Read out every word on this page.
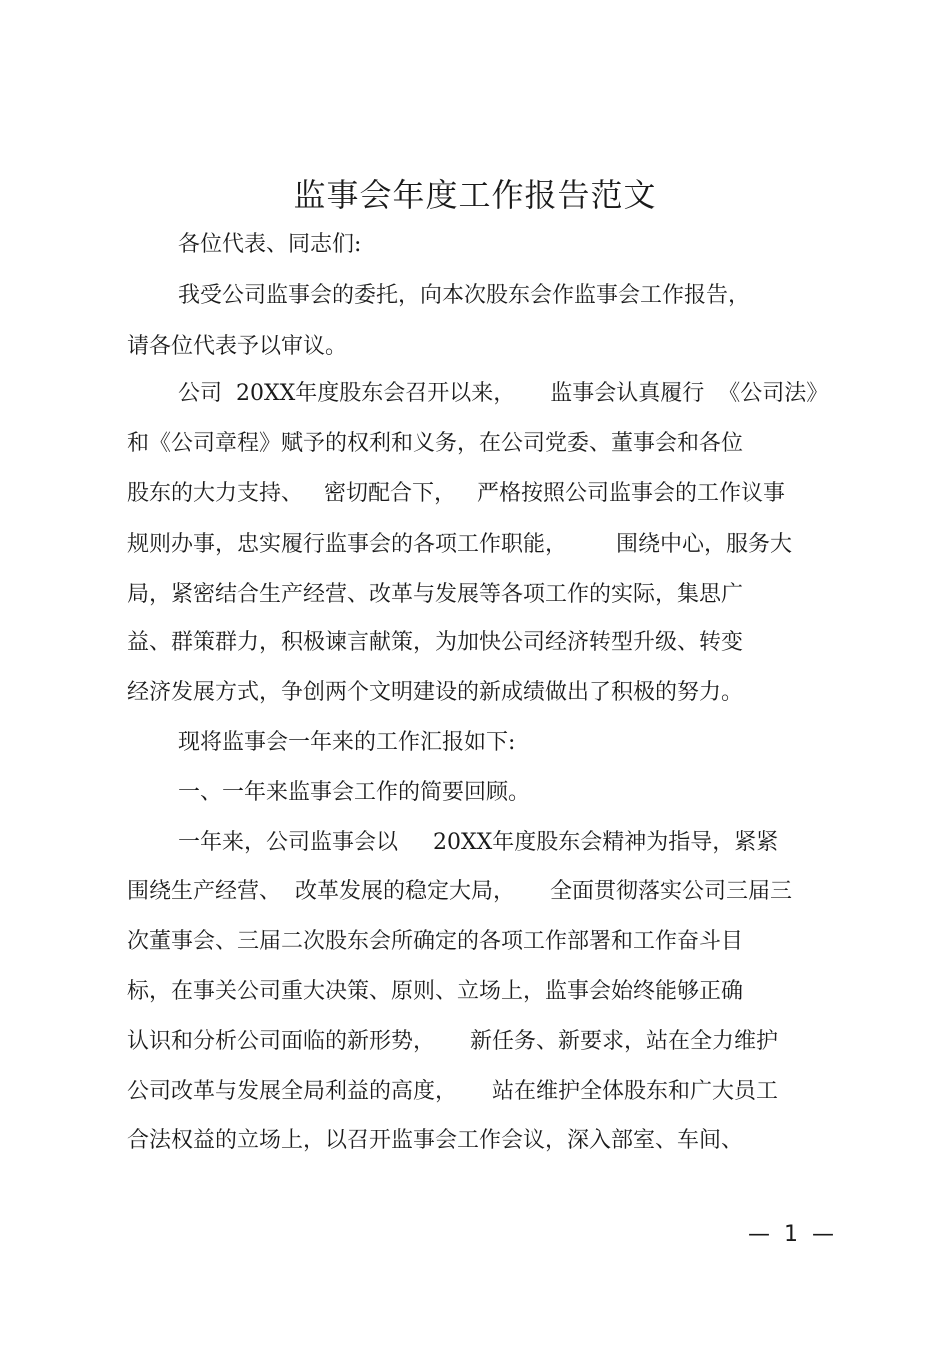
监事会年度工作报告范文
各位代表、同志们:
我受公司监事会的委托，向本次股东会作监事会工作报告，
请各位代表予以审议。
公司  20XX年度股东会召开以来，     监事会认真履行  《公司法》
和《公司章程》赋予的权利和义务，在公司党委、董事会和各位
股东的大力支持、   密切配合下，   严格按照公司监事会的工作议事
规则办事，忠实履行监事会的各项工作职能，       围绕中心，服务大
局，紧密结合生产经营、改革与发展等各项工作的实际，集思广
益、群策群力，积极谏言献策，为加快公司经济转型升级、转变
经济发展方式，争创两个文明建设的新成绩做出了积极的努力。
现将监事会一年来的工作汇报如下:
一、一年来监事会工作的简要回顾。
一年来，公司监事会以     20XX年度股东会精神为指导，紧紧
围绕生产经营、  改革发展的稳定大局，     全面贯彻落实公司三届三
次董事会、三届二次股东会所确定的各项工作部署和工作奋斗目
标，在事关公司重大决策、原则、立场上，监事会始终能够正确
认识和分析公司面临的新形势，     新任务、新要求，站在全力维护
公司改革与发展全局利益的高度，     站在维护全体股东和广大员工
合法权益的立场上，以召开监事会工作会议，深入部室、车间、
—  1  —
